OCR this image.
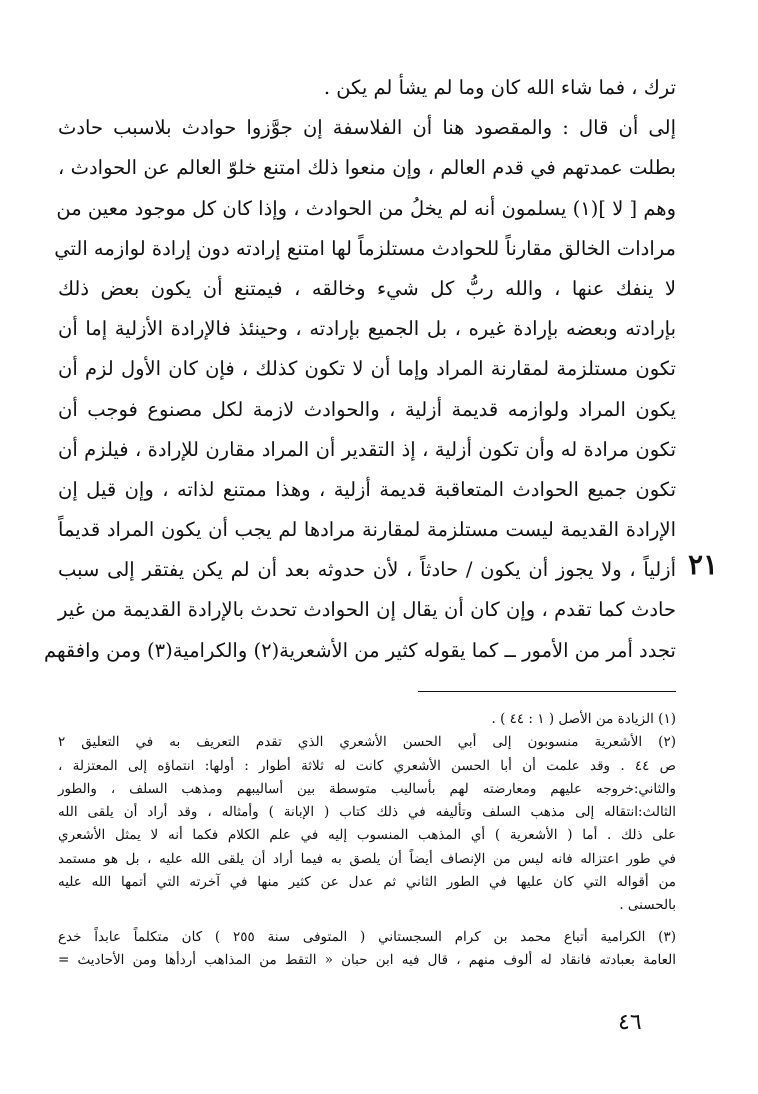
ترك ، فما شاء الله كان وما لم يشأ لم يكن .
إلى أن قال : والمقصود هنا أن الفلاسفة إن جوَّزوا حوادث بلاسبب حادث
بطلت عمدتهم في قدم العالم ، وإن منعوا ذلك امتنع خلوّ العالم عن الحوادث ،
وهم [ لا ](١) يسلمون أنه لم يخلُ من الحوادث ، وإذا كان كل موجود معين من
مرادات الخالق مقارناً للحوادث مستلزماً لها امتنع إرادته دون إرادة لوازمه التي
لا ينفك عنها ، والله ربُّ كل شيء وخالقه ، فيمتنع أن يكون بعض ذلك
بإرادته وبعضه بإرادة غيره ، بل الجميع بإرادته ، وحينئذ فالإرادة الأزلية إما أن
تكون مستلزمة لمقارنة المراد وإما أن لا تكون كذلك ، فإن كان الأول لزم أن
يكون المراد ولوازمه قديمة أزلية ، والحوادث لازمة لكل مصنوع فوجب أن
تكون مرادة له وأن تكون أزلية ، إذ التقدير أن المراد مقارن للإرادة ، فيلزم أن
تكون جميع الحوادث المتعاقبة قديمة أزلية ، وهذا ممتنع لذاته ، وإن قيل إن
الإرادة القديمة ليست مستلزمة لمقارنة مرادها لم يجب أن يكون المراد قديماً
أزلياً ، ولا يجوز أن يكون / حادثاً ، لأن حدوثه بعد أن لم يكن يفتقر إلى سبب
حادث كما تقدم ، وإن كان أن يقال إن الحوادث تحدث بالإرادة القديمة من غير
تجدد أمر من الأمور ــ كما يقوله كثير من الأشعرية(٢) والكرامية(٣) ومن وافقهم
٢١
(١) الزيادة من الأصل ( ١ : ٤٤ ) .
(٢) الأشعرية منسوبون إلى أبي الحسن الأشعري الذي تقدم التعريف به في التعليق ٢
ص ٤٤ . وقد علمت أن أبا الحسن الأشعري كانت له ثلاثة أطوار : أولها: انتماؤه إلى المعتزلة ،
والثاني:خروجه عليهم ومعارضته لهم بأساليب متوسطة بين أساليبهم ومذهب السلف ، والطور
الثالث:انتقاله إلى مذهب السلف وتأليفه في ذلك كتاب ( الإبانة ) وأمثاله ، وقد أراد أن يلقى الله
على ذلك . أما ( الأشعرية ) أي المذهب المنسوب إليه في علم الكلام فكما أنه لا يمثل الأشعري
في طور اعتزاله فانه ليس من الإنصاف أيضاً أن يلصق به فيما أراد أن يلقى الله عليه ، بل هو مستمد
من أقواله التي كان عليها في الطور الثاني ثم عدل عن كثير منها في آخرته التي أتمها الله عليه
بالحسنى .
(٣) الكرامية أتباع محمد بن كرام السجستاني ( المتوفى سنة ٢٥٥ ) كان متكلماً عابداً خدع
العامة بعبادته فانقاد له ألوف منهم ، قال فيه ابن حبان « التقط من المذاهب أردأها ومن الأحاديث =
٤٦
